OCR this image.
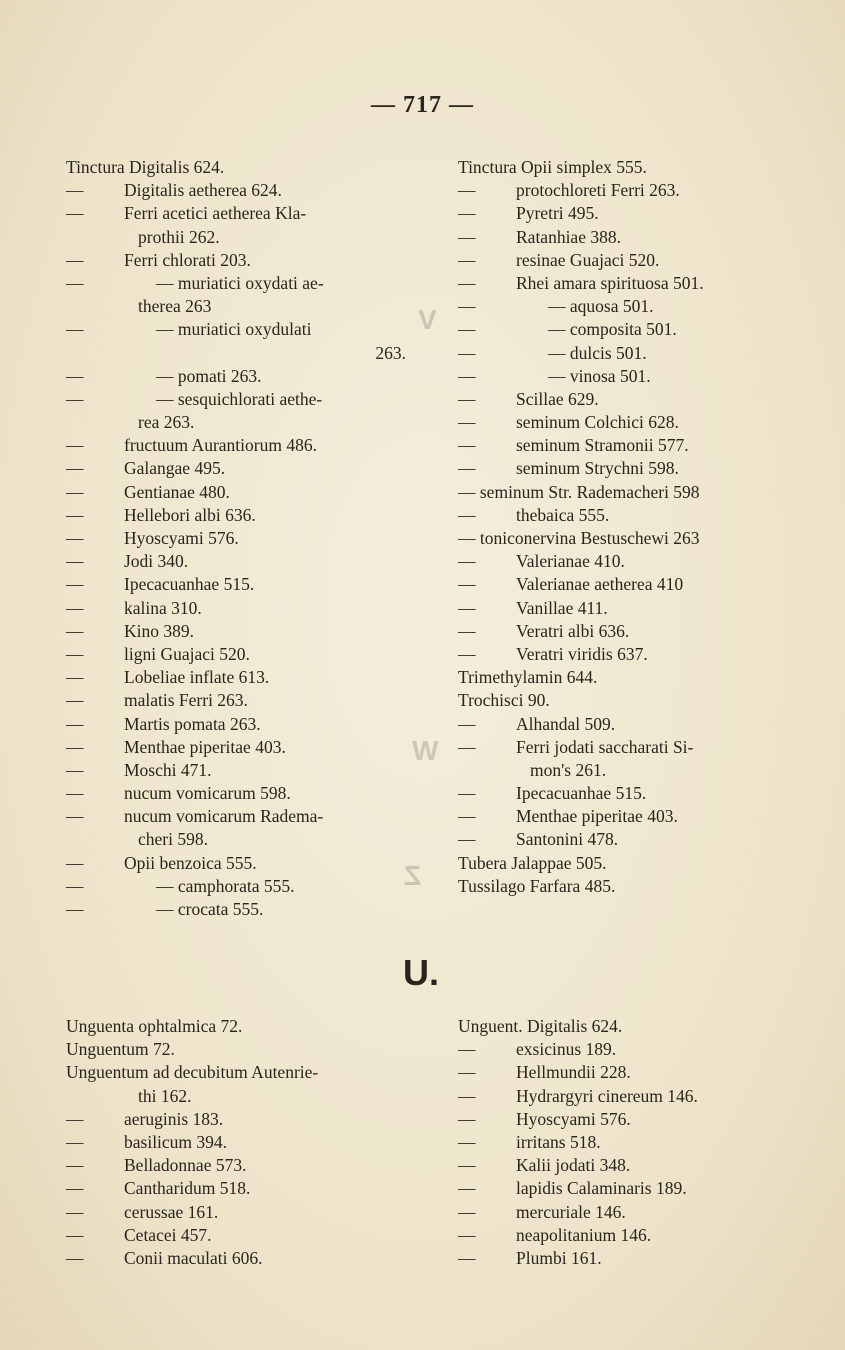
— 717 —
V
W
Z
Tinctura Digitalis 624.
— Digitalis aetherea 624.
— Ferri acetici aetherea Kla-
prothii 262.
— Ferri chlorati 203.
—	— muriatici oxydati ae-
therea 263
—	— muriatici oxydulati
263.
—	— pomati 263.
—	— sesquichlorati aethe-
rea 263.
— fructuum Aurantiorum 486.
— Galangae 495.
— Gentianae 480.
— Hellebori albi 636.
— Hyoscyami 576.
— Jodi 340.
— Ipecacuanhae 515.
— kalina 310.
— Kino 389.
— ligni Guajaci 520.
— Lobeliae inflate 613.
— malatis Ferri 263.
— Martis pomata 263.
— Menthae piperitae 403.
— Moschi 471.
— nucum vomicarum 598.
— nucum vomicarum Radema-
cheri 598.
— Opii benzoica 555.
—	— camphorata 555.
—	— crocata 555.
Tinctura Opii simplex 555.
— protochloreti Ferri 263.
— Pyretri 495.
— Ratanhiae 388.
— resinae Guajaci 520.
— Rhei amara spirituosa 501.
—	— aquosa 501.
—	— composita 501.
—	— dulcis 501.
—	— vinosa 501.
— Scillae 629.
— seminum Colchici 628.
— seminum Stramonii 577.
— seminum Strychni 598.
— seminum Str. Rademacheri 598
— thebaica 555.
— toniconervina Bestuschewi 263
— Valerianae 410.
— Valerianae aetherea 410
— Vanillae 411.
— Veratri albi 636.
— Veratri viridis 637.
Trimethylamin 644.
Trochisci 90.
— Alhandal 509.
— Ferri jodati saccharati Si-
mon's 261.
— Ipecacuanhae 515.
— Menthae piperitae 403.
— Santonini 478.
Tubera Jalappae 505.
Tussilago Farfara 485.
U.
Unguenta ophtalmica 72.
Unguentum 72.
Unguentum ad decubitum Autenrie-
thi 162.
— aeruginis 183.
— basilicum 394.
— Belladonnae 573.
— Cantharidum 518.
— cerussae 161.
— Cetacei 457.
— Conii maculati 606.
Unguent. Digitalis 624.
— exsicinus 189.
— Hellmundii 228.
— Hydrargyri cinereum 146.
— Hyoscyami 576.
— irritans 518.
— Kalii jodati 348.
— lapidis Calaminaris 189.
— mercuriale 146.
— neapolitanium 146.
— Plumbi 161.
